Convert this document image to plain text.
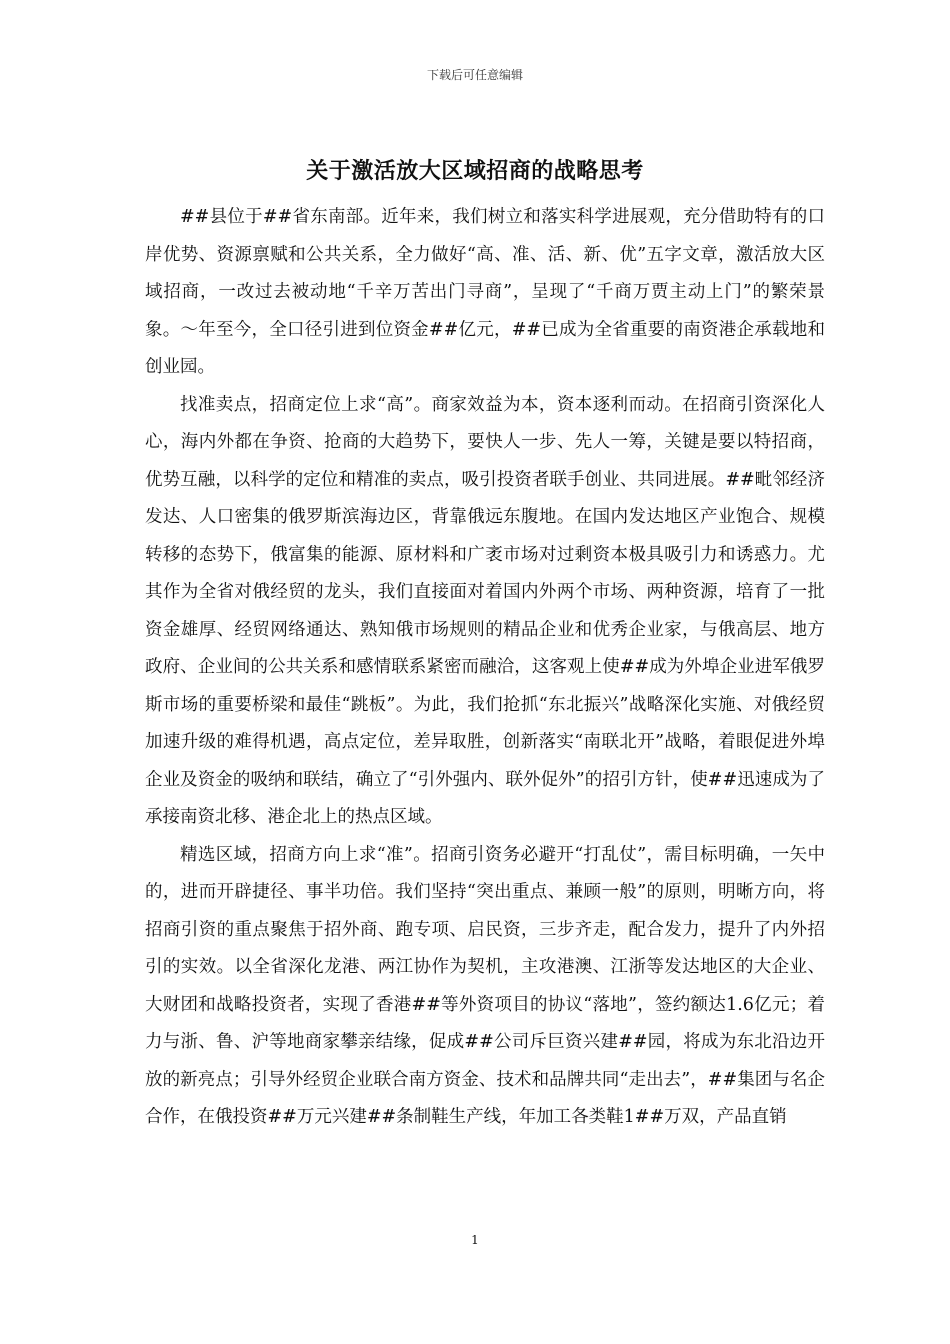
下载后可任意编辑
关于激活放大区域招商的战略思考

##县位于##省东南部。近年来，我们树立和落实科学进展观，充分借助特有的口岸优势、资源禀赋和公共关系，全力做好“高、准、活、新、优”五字文章，激活放大区域招商，一改过去被动地“千辛万苦出门寻商”，呈现了“千商万贾主动上门”的繁荣景象。～年至今，全口径引进到位资金##亿元，##已成为全省重要的南资港企承载地和创业园。

找准卖点，招商定位上求“高”。商家效益为本，资本逐利而动。在招商引资深化人心，海内外都在争资、抢商的大趋势下，要快人一步、先人一筹，关键是要以特招商，优势互融，以科学的定位和精准的卖点，吸引投资者联手创业、共同进展。##毗邻经济发达、人口密集的俄罗斯滨海边区，背靠俄远东腹地。在国内发达地区产业饱合、规模转移的态势下，俄富集的能源、原材料和广袤市场对过剩资本极具吸引力和诱惑力。尤其作为全省对俄经贸的龙头，我们直接面对着国内外两个市场、两种资源，培育了一批资金雄厚、经贸网络通达、熟知俄市场规则的精品企业和优秀企业家，与俄高层、地方政府、企业间的公共关系和感情联系紧密而融洽，这客观上使##成为外埠企业进军俄罗斯市场的重要桥梁和最佳“跳板”。为此，我们抢抓“东北振兴”战略深化实施、对俄经贸加速升级的难得机遇，高点定位，差异取胜，创新落实“南联北开”战略，着眼促进外埠企业及资金的吸纳和联结，确立了“引外强内、联外促外”的招引方针，使##迅速成为了承接南资北移、港企北上的热点区域。

精选区域，招商方向上求“准”。招商引资务必避开“打乱仗”，需目标明确，一矢中的，进而开辟捷径、事半功倍。我们坚持“突出重点、兼顾一般”的原则，明晰方向，将招商引资的重点聚焦于招外商、跑专项、启民资，三步齐走，配合发力，提升了内外招引的实效。以全省深化龙港、两江协作为契机，主攻港澳、江浙等发达地区的大企业、大财团和战略投资者，实现了香港##等外资项目的协议“落地”，签约额达1.6亿元；着力与浙、鲁、沪等地商家攀亲结缘，促成##公司斥巨资兴建##园，将成为东北沿边开放的新亮点；引导外经贸企业联合南方资金、技术和品牌共同“走出去”，##集团与名企合作，在俄投资##万元兴建##条制鞋生产线，年加工各类鞋1##万双，产品直销

1
